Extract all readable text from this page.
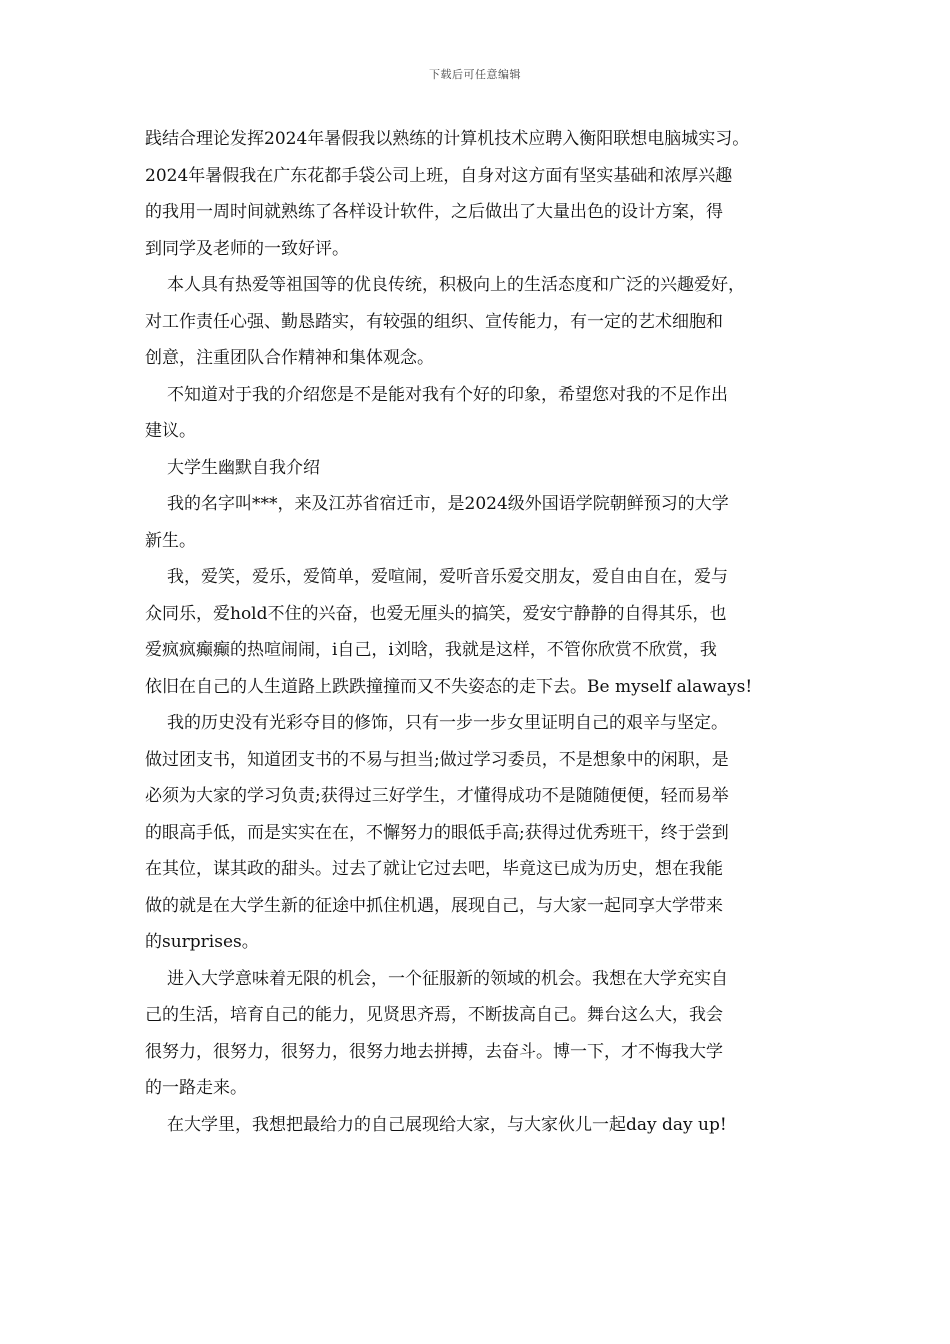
下载后可任意编辑
践结合理论发挥2024年暑假我以熟练的计算机技术应聘入衡阳联想电脑城实习。
2024年暑假我在广东花都手袋公司上班，自身对这方面有坚实基础和浓厚兴趣
的我用一周时间就熟练了各样设计软件，之后做出了大量出色的设计方案，得
到同学及老师的一致好评。
本人具有热爱等祖国等的优良传统，积极向上的生活态度和广泛的兴趣爱好，
对工作责任心强、勤恳踏实，有较强的组织、宣传能力，有一定的艺术细胞和
创意，注重团队合作精神和集体观念。
不知道对于我的介绍您是不是能对我有个好的印象，希望您对我的不足作出
建议。
大学生幽默自我介绍
我的名字叫***，来及江苏省宿迁市，是2024级外国语学院朝鲜预习的大学
新生。
我，爱笑，爱乐，爱简单，爱喧闹，爱听音乐爱交朋友，爱自由自在，爱与
众同乐，爱hold不住的兴奋，也爱无厘头的搞笑，爱安宁静静的自得其乐，也
爱疯疯癫癫的热喧闹闹，i自己，i刘晗，我就是这样，不管你欣赏不欣赏，我
依旧在自己的人生道路上跌跌撞撞而又不失姿态的走下去。Be myself alaways!
我的历史没有光彩夺目的修饰，只有一步一步女里证明自己的艰辛与坚定。
做过团支书，知道团支书的不易与担当;做过学习委员，不是想象中的闲职，是
必须为大家的学习负责;获得过三好学生，才懂得成功不是随随便便，轻而易举
的眼高手低，而是实实在在，不懈努力的眼低手高;获得过优秀班干，终于尝到
在其位，谋其政的甜头。过去了就让它过去吧，毕竟这已成为历史，想在我能
做的就是在大学生新的征途中抓住机遇，展现自己，与大家一起同享大学带来
的surprises。
进入大学意味着无限的机会，一个征服新的领域的机会。我想在大学充实自
己的生活，培育自己的能力，见贤思齐焉，不断拔高自己。舞台这么大，我会
很努力，很努力，很努力，很努力地去拼搏，去奋斗。博一下，才不悔我大学
的一路走来。
在大学里，我想把最给力的自己展现给大家，与大家伙儿一起day day up!
